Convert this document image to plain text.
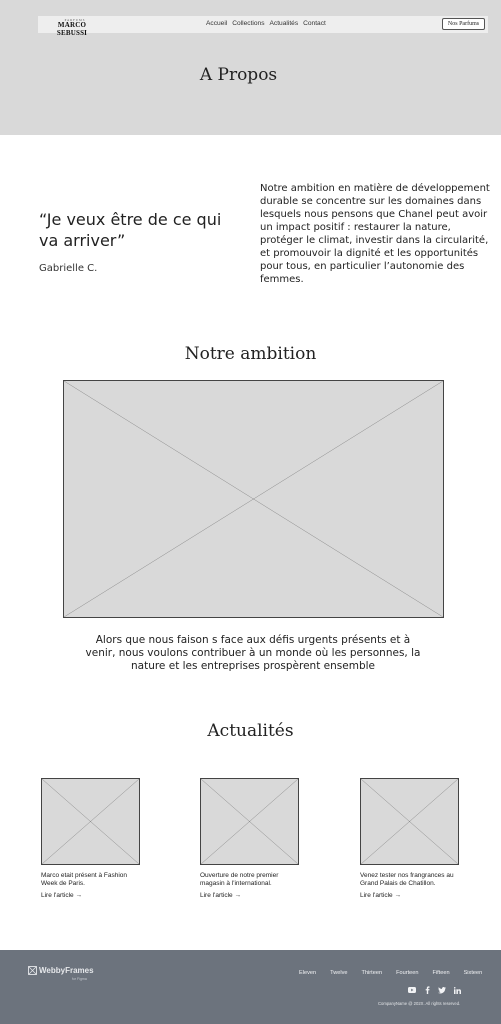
PARFUMS
MARCO SEBUSSI
Accueil Collections Actualités Contact	Nos Parfums
A Propos
“Je veux être de ce qui va arriver”
Gabrielle C.
Notre ambition en matière de développement durable se concentre sur les domaines dans lesquels nous pensons que Chanel peut avoir un impact positif : restaurer la nature, protéger le climat, investir dans la circularité, et promouvoir la dignité et les opportunités pour tous, en particulier l’autonomie des femmes.
Notre ambition
Alors que nous faison s face aux défis urgents présents et à venir, nous voulons contribuer à un monde où les personnes, la nature et les entreprises prospèrent ensemble
Actualités
Marco etait présent à Fashion Week de Paris.
Lire l'article →
Ouverture de notre premier magasin à l'international.
Lire l'article →
Venez tester nos frangrances au Grand Palais de Chatillon.
Lire l'article →
WebbyFrames
for Figma
Eleven	Twelve	Thirteen	Fourteen	Fifteen	Sixteen
CompanyName @ 202X. All rights reserved.
